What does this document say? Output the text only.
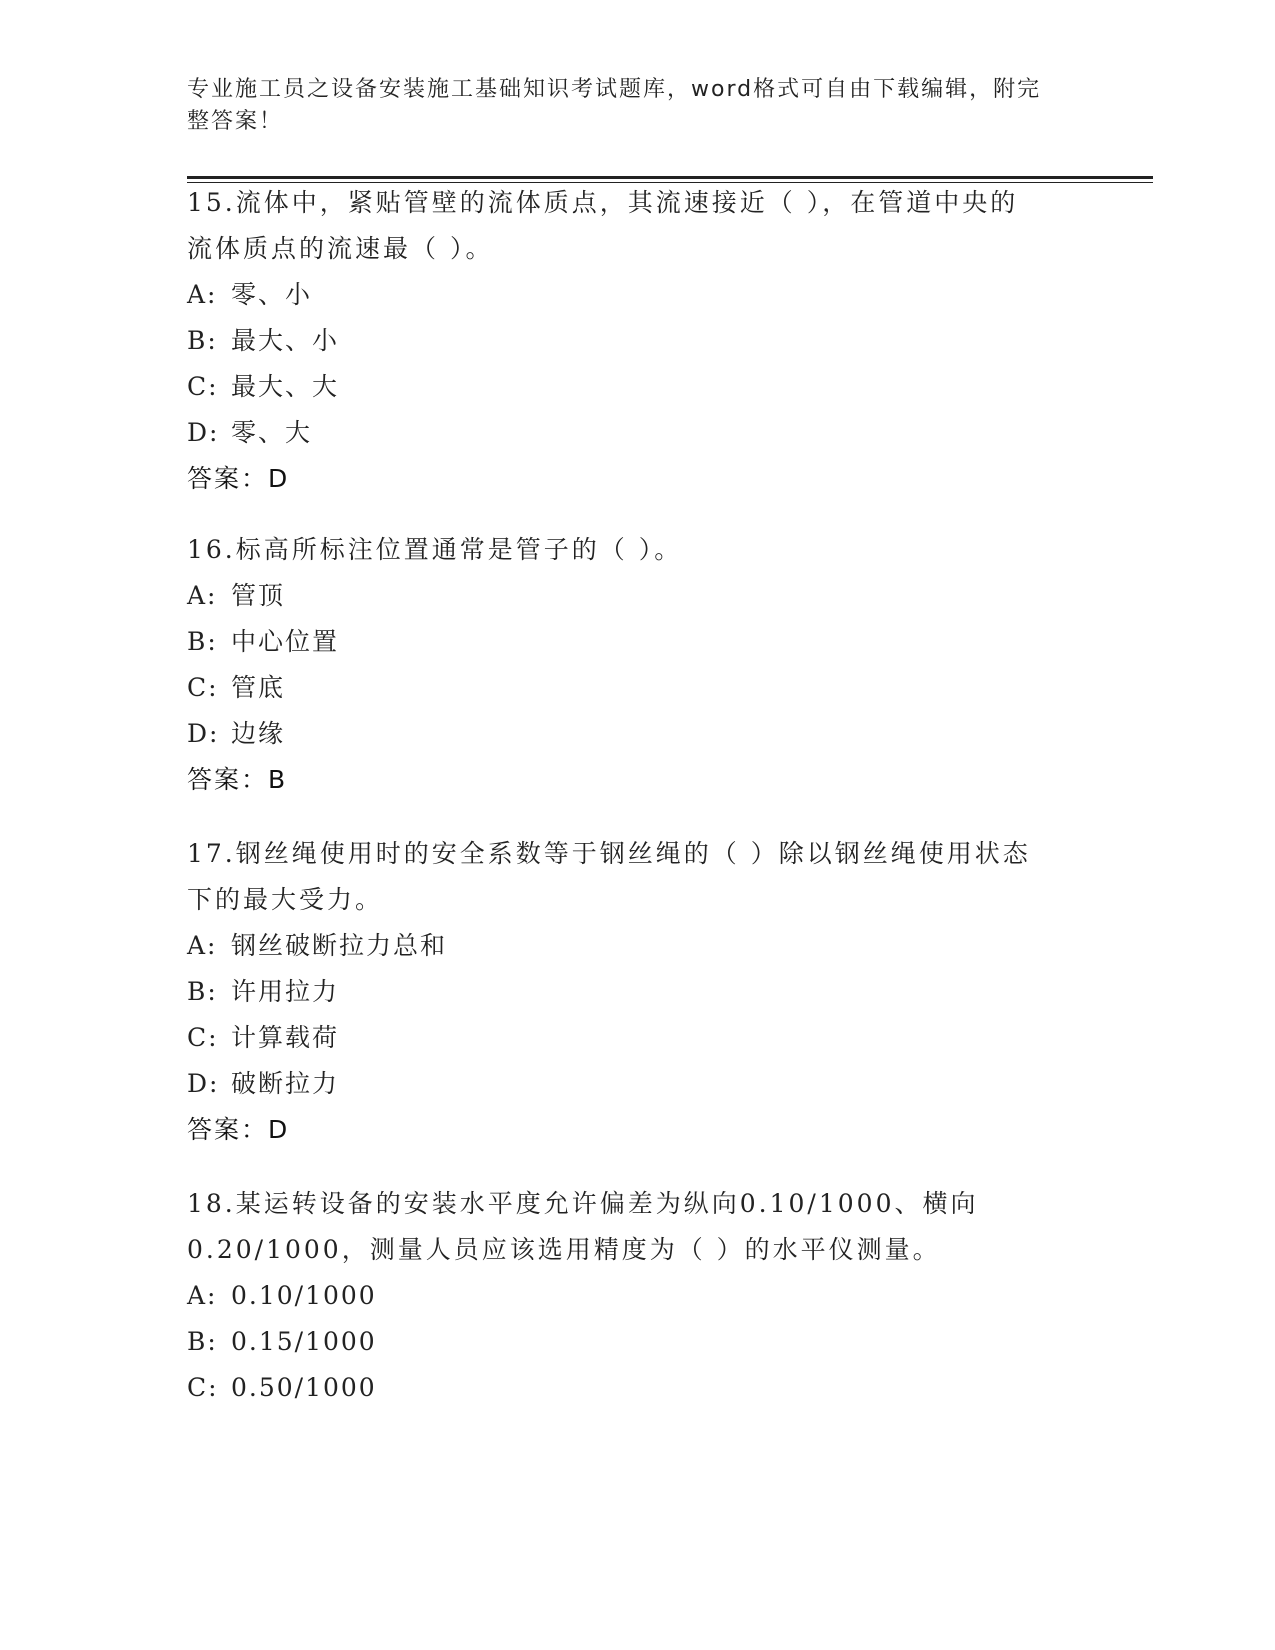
专业施工员之设备安装施工基础知识考试题库，word格式可自由下载编辑，附完
整答案！

15.流体中，紧贴管壁的流体质点，其流速接近（ ），在管道中央的

流体质点的流速最（ ）。

A: 零、小

B: 最大、小

C: 最大、大

D: 零、大

答案：D

16.标高所标注位置通常是管子的（ ）。

A: 管顶

B: 中心位置

C: 管底

D: 边缘

答案：B

17.钢丝绳使用时的安全系数等于钢丝绳的（ ）除以钢丝绳使用状态

下的最大受力。

A: 钢丝破断拉力总和

B: 许用拉力

C: 计算载荷

D: 破断拉力

答案：D

18.某运转设备的安装水平度允许偏差为纵向0.10/1000、横向

0.20/1000，测量人员应该选用精度为（ ）的水平仪测量。

A: 0.10/1000

B: 0.15/1000

C: 0.50/1000
